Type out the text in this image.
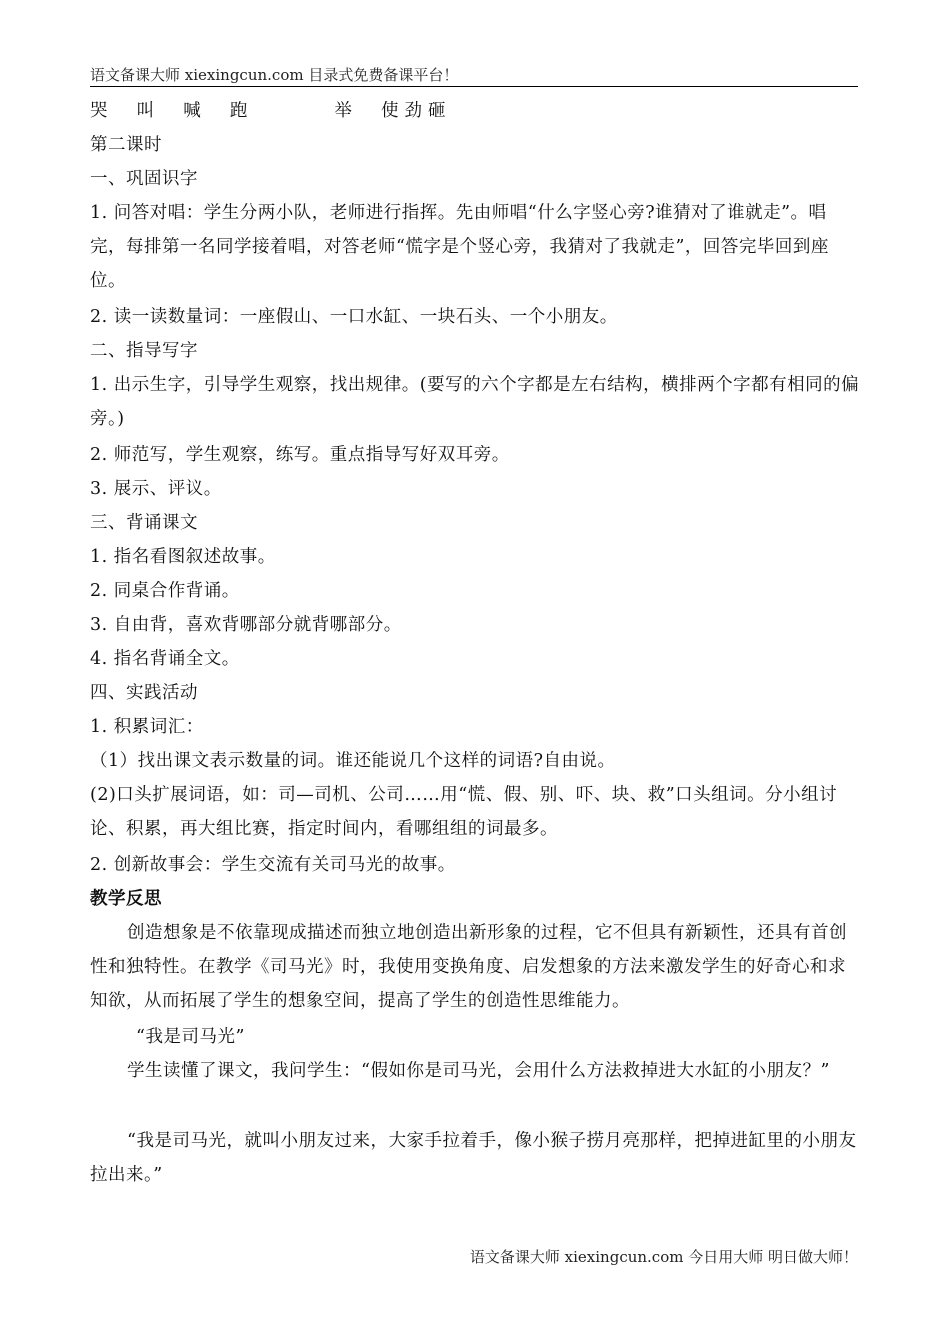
语文备课大师 xiexingcun.com 目录式免费备课平台！
哭  叫  喊  跑       举  使劲砸
第二课时
一、巩固识字
1. 问答对唱：学生分两小队，老师进行指挥。先由师唱“什么字竖心旁?谁猜对了谁就走”。唱完，每排第一名同学接着唱，对答老师“慌字是个竖心旁，我猜对了我就走”，回答完毕回到座位。
2. 读一读数量词：一座假山、一口水缸、一块石头、一个小朋友。
二、指导写字
1. 出示生字，引导学生观察，找出规律。(要写的六个字都是左右结构，横排两个字都有相同的偏旁。)
2. 师范写，学生观察，练写。重点指导写好双耳旁。
3. 展示、评议。
三、背诵课文
1. 指名看图叙述故事。
2. 同桌合作背诵。
3. 自由背，喜欢背哪部分就背哪部分。
4. 指名背诵全文。
四、实践活动
1. 积累词汇：
（1）找出课文表示数量的词。谁还能说几个这样的词语?自由说。
(2)口头扩展词语，如：司—司机、公司……用“慌、假、别、吓、块、救”口头组词。分小组讨论、积累，再大组比赛，指定时间内，看哪组组的词最多。
2. 创新故事会：学生交流有关司马光的故事。
教学反思
创造想象是不依靠现成描述而独立地创造出新形象的过程，它不但具有新颖性，还具有首创性和独特性。在教学《司马光》时，我使用变换角度、启发想象的方法来激发学生的好奇心和求知欲，从而拓展了学生的想象空间，提高了学生的创造性思维能力。
“我是司马光”
学生读懂了课文，我问学生：“假如你是司马光，会用什么方法救掉进大水缸的小朋友？”
“我是司马光，就叫小朋友过来，大家手拉着手，像小猴子捞月亮那样，把掉进缸里的小朋友拉出来。”
语文备课大师 xiexingcun.com 今日用大师 明日做大师！
